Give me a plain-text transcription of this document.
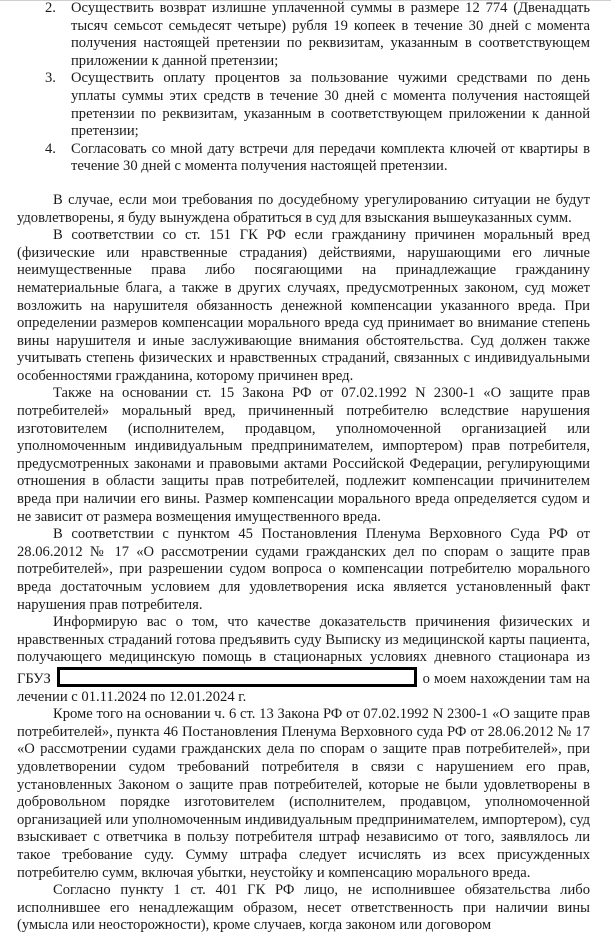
2. Осуществить возврат излишне уплаченной суммы в размере 12 774 (Двенадцать тысяч семьсот семьдесят четыре) рубля 19 копеек в течение 30 дней с момента получения настоящей претензии по реквизитам, указанным в соответствующем приложении к данной претензии;
3. Осуществить оплату процентов за пользование чужими средствами по день уплаты суммы этих средств в течение 30 дней с момента получения настоящей претензии по реквизитам, указанным в соответствующем приложении к данной претензии;
4. Согласовать со мной дату встречи для передачи комплекта ключей от квартиры в течение 30 дней с момента получения настоящей претензии.

В случае, если мои требования по досудебному урегулированию ситуации не будут удовлетворены, я буду вынуждена обратиться в суд для взыскания вышеуказанных сумм.

В соответствии со ст. 151 ГК РФ если гражданину причинен моральный вред (физические или нравственные страдания) действиями, нарушающими его личные неимущественные права либо посягающими на принадлежащие гражданину нематериальные блага, а также в других случаях, предусмотренных законом, суд может возложить на нарушителя обязанность денежной компенсации указанного вреда. При определении размеров компенсации морального вреда суд принимает во внимание степень вины нарушителя и иные заслуживающие внимания обстоятельства. Суд должен также учитывать степень физических и нравственных страданий, связанных с индивидуальными особенностями гражданина, которому причинен вред.

Также на основании ст. 15 Закона РФ от 07.02.1992 N 2300-1 «О защите прав потребителей» моральный вред, причиненный потребителю вследствие нарушения изготовителем (исполнителем, продавцом, уполномоченной организацией или уполномоченным индивидуальным предпринимателем, импортером) прав потребителя, предусмотренных законами и правовыми актами Российской Федерации, регулирующими отношения в области защиты прав потребителей, подлежит компенсации причинителем вреда при наличии его вины. Размер компенсации морального вреда определяется судом и не зависит от размера возмещения имущественного вреда.

В соответствии с пунктом 45 Постановления Пленума Верховного Суда РФ от 28.06.2012 № 17 «О рассмотрении судами гражданских дел по спорам о защите прав потребителей», при разрешении судом вопроса о компенсации потребителю морального вреда достаточным условием для удовлетворения иска является установленный факт нарушения прав потребителя.

Информирую вас о том, что качестве доказательств причинения физических и нравственных страданий готова предъявить суду Выписку из медицинской карты пациента, получающего медицинскую помощь в стационарных условиях дневного стационара из ГБУЗ	о моем нахождении там на лечении с 01.11.2024 по 12.01.2024 г.

Кроме того на основании ч. 6 ст. 13 Закона РФ от 07.02.1992 N 2300-1 «О защите прав потребителей», пункта 46 Постановления Пленума Верховного суда РФ от 28.06.2012 № 17 «О рассмотрении судами гражданских дела по спорам о защите прав потребителей», при удовлетворении судом требований потребителя в связи с нарушением его прав, установленных Законом о защите прав потребителей, которые не были удовлетворены в добровольном порядке изготовителем (исполнителем, продавцом, уполномоченной организацией или уполномоченным индивидуальным предпринимателем, импортером), суд взыскивает с ответчика в пользу потребителя штраф независимо от того, заявлялось ли такое требование суду. Сумму штрафа следует исчислять из всех присужденных потребителю сумм, включая убытки, неустойку и компенсацию морального вреда.

Согласно пункту 1 ст. 401 ГК РФ лицо, не исполнившее обязательства либо исполнившее его ненадлежащим образом, несет ответственность при наличии вины (умысла или неосторожности), кроме случаев, когда законом или договором
